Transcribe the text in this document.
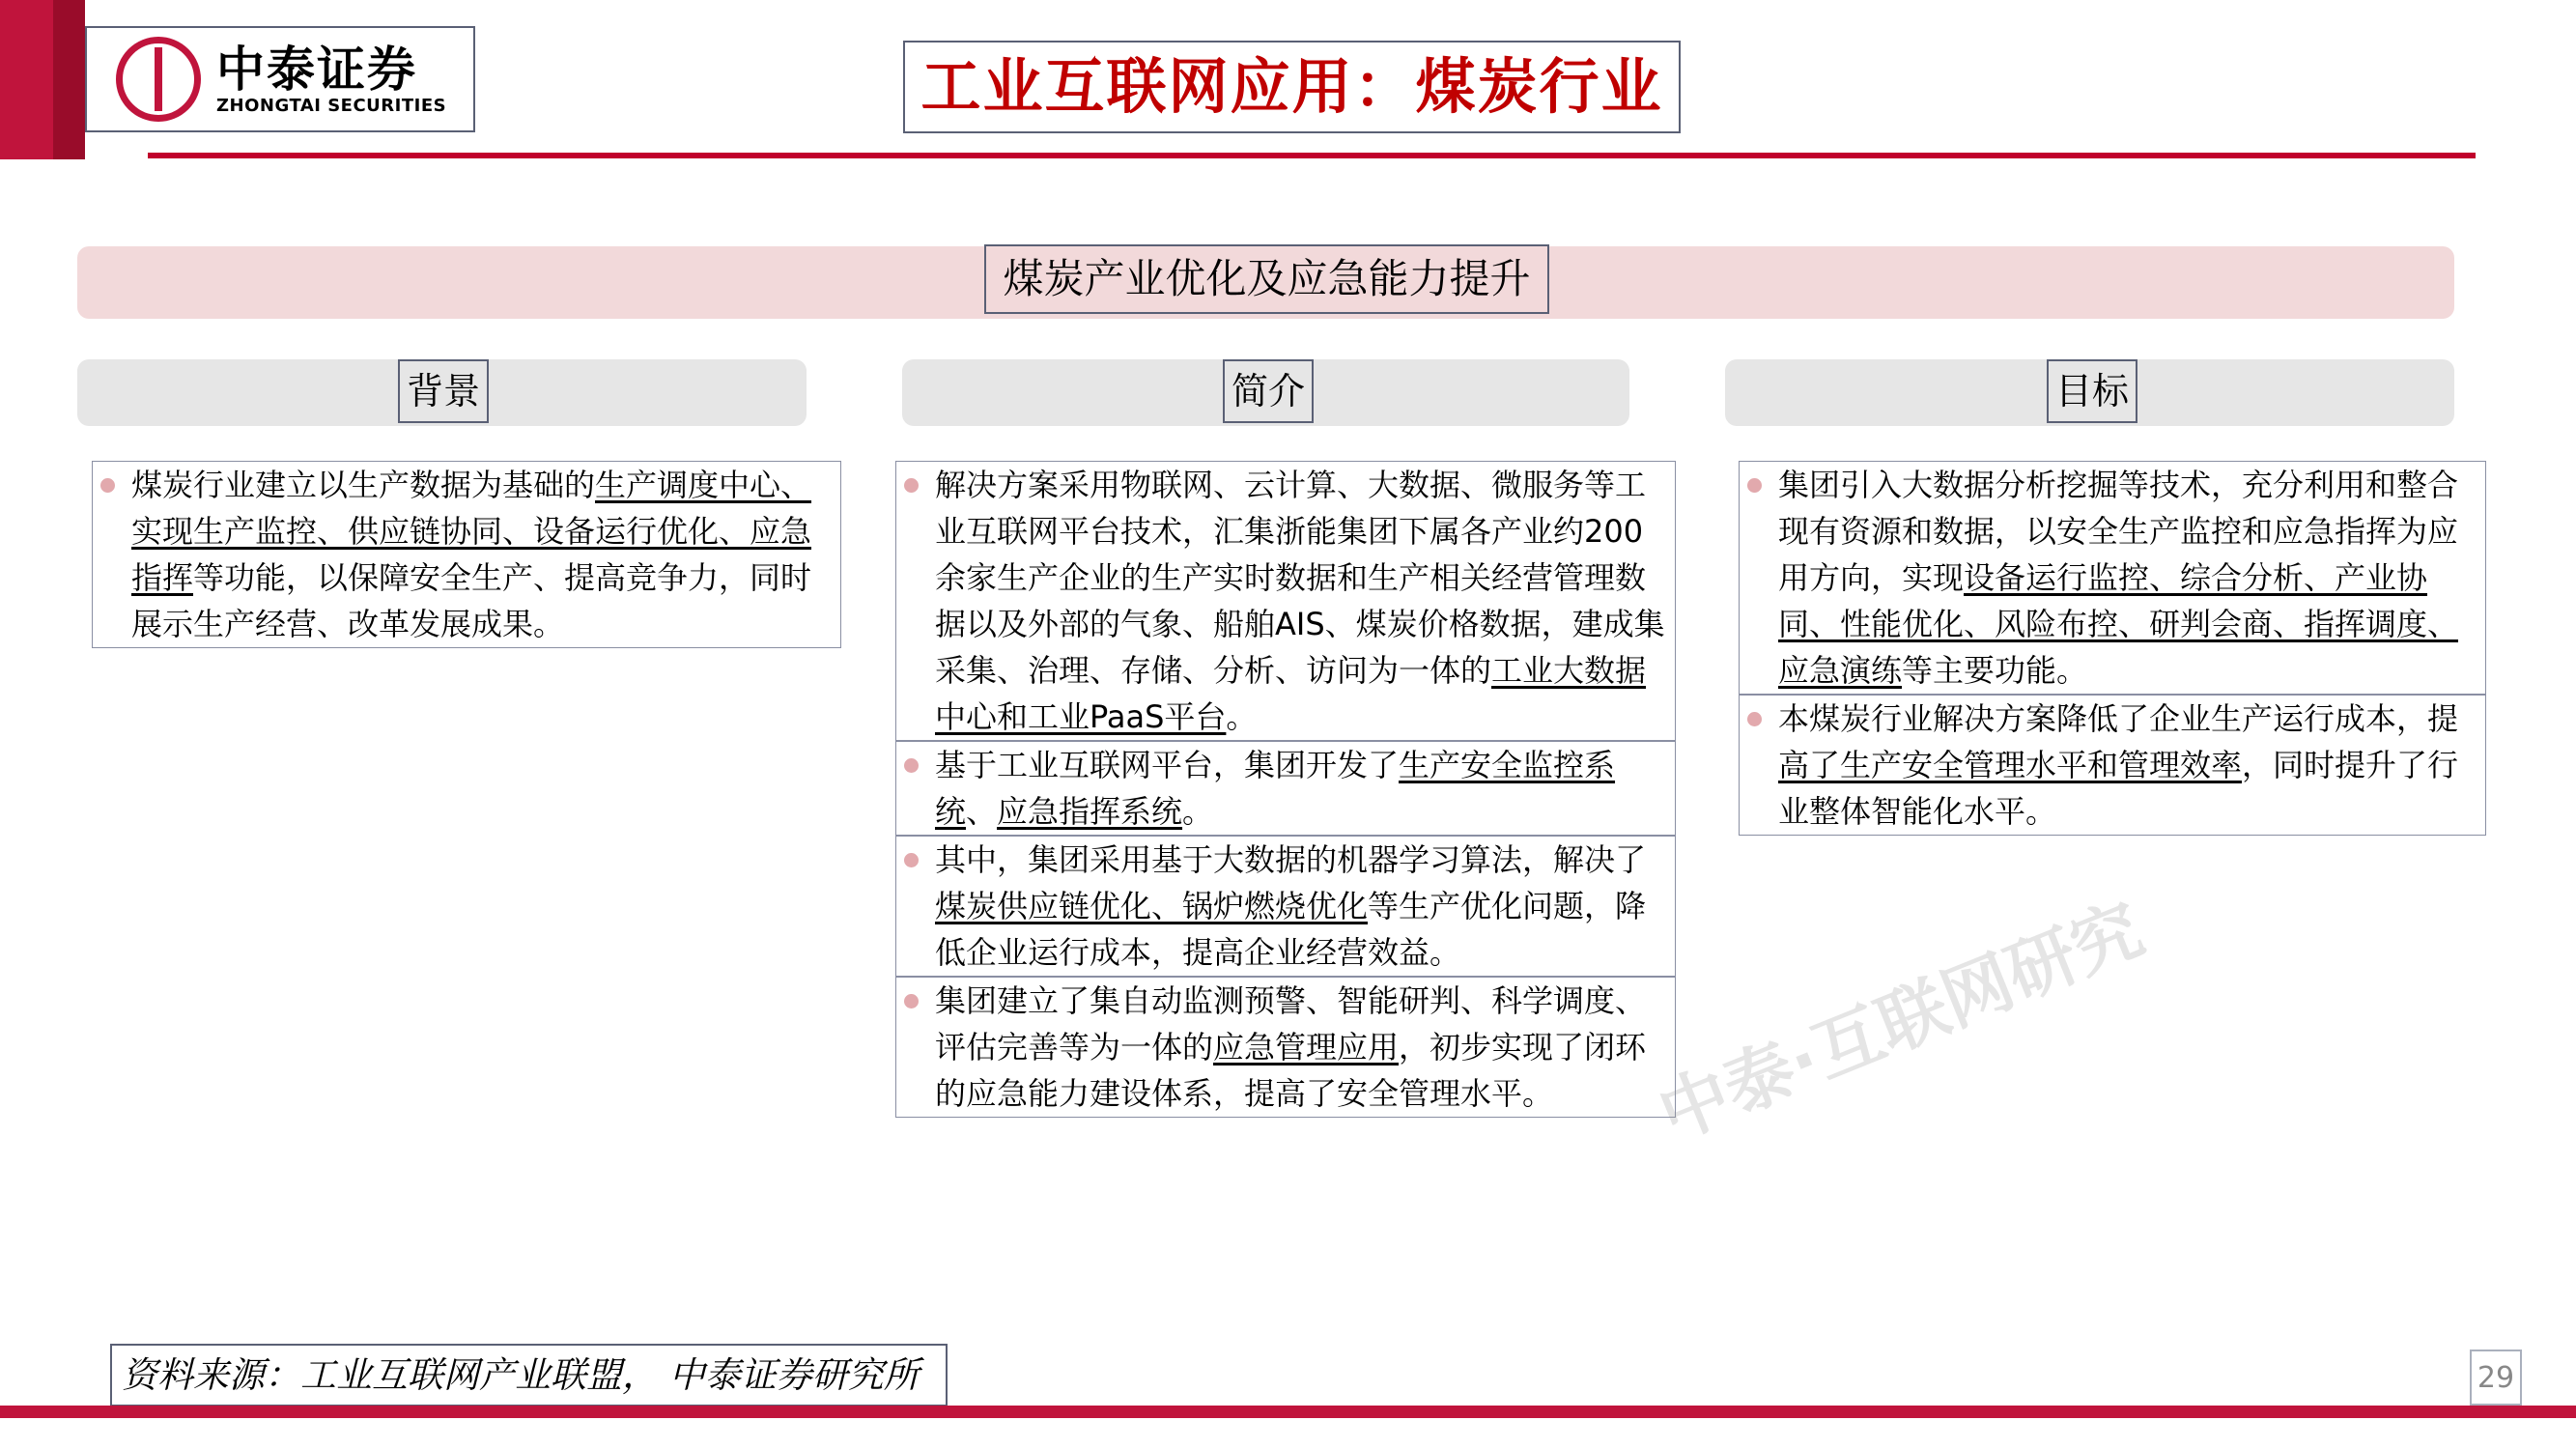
中泰证券
ZHONGTAI SECURITIES	工业互联网应用：煤炭行业
煤炭产业优化及应急能力提升
背景	简介	目标
煤炭行业建立以生产数据为基础的生产调度中心、实现生产监控、供应链协同、设备运行优化、应急指挥等功能，以保障安全生产、提高竞争力，同时展示生产经营、改革发展成果。
解决方案采用物联网、云计算、大数据、微服务等工业互联网平台技术，汇集浙能集团下属各产业约200余家生产企业的生产实时数据和生产相关经营管理数据以及外部的气象、船舶AIS、煤炭价格数据，建成集采集、治理、存储、分析、访问为一体的工业大数据中心和工业PaaS平台。
基于工业互联网平台，集团开发了生产安全监控系统、应急指挥系统。
其中，集团采用基于大数据的机器学习算法，解决了煤炭供应链优化、锅炉燃烧优化等生产优化问题，降低企业运行成本，提高企业经营效益。
集团建立了集自动监测预警、智能研判、科学调度、评估完善等为一体的应急管理应用，初步实现了闭环的应急能力建设体系，提高了安全管理水平。
集团引入大数据分析挖掘等技术，充分利用和整合现有资源和数据，以安全生产监控和应急指挥为应用方向，实现设备运行监控、综合分析、产业协同、性能优化、风险布控、研判会商、指挥调度、应急演练等主要功能。
本煤炭行业解决方案降低了企业生产运行成本，提高了生产安全管理水平和管理效率，同时提升了行业整体智能化水平。
中泰·互联网研究
资料来源：工业互联网产业联盟， 中泰证券研究所	29
